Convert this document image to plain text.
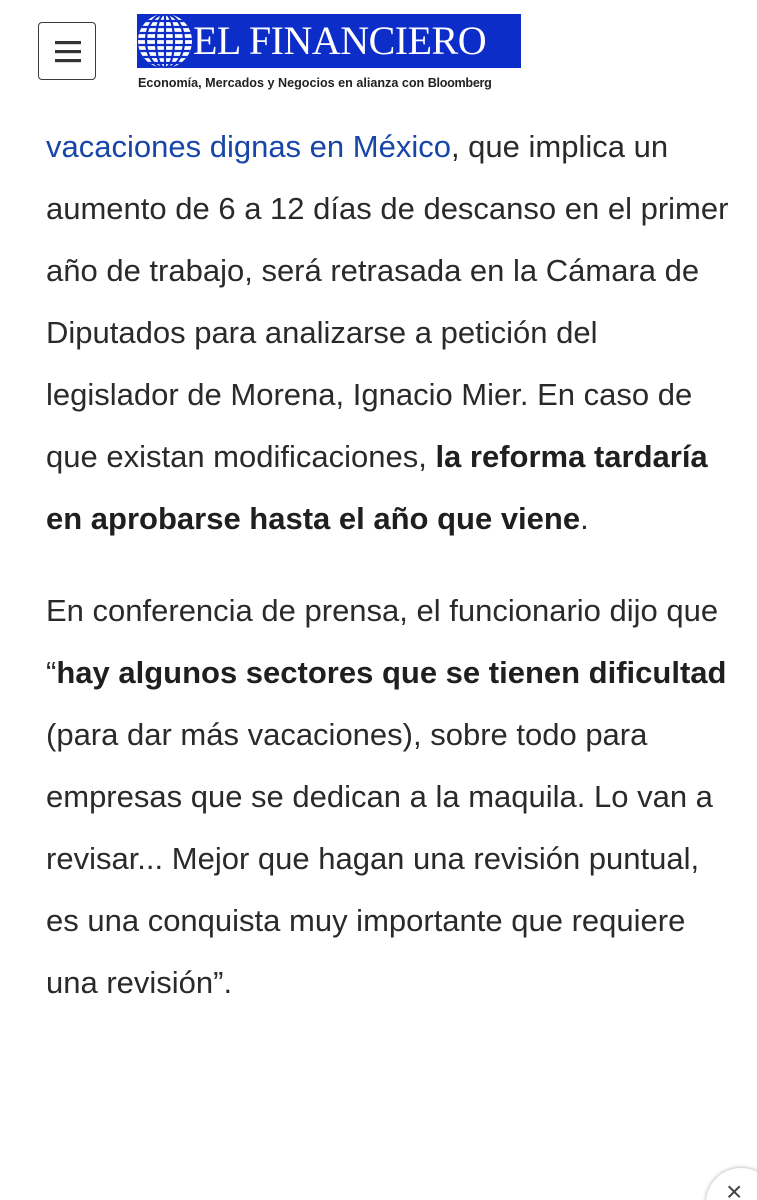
EL FINANCIERO
Economía, Mercados y Negocios en alianza con Bloomberg

vacaciones dignas en México, que implica un aumento de 6 a 12 días de descanso en el primer año de trabajo, será retrasada en la Cámara de Diputados para analizarse a petición del legislador de Morena, Ignacio Mier. En caso de que existan modificaciones, la reforma tardaría en aprobarse hasta el año que viene.

En conferencia de prensa, el funcionario dijo que “hay algunos sectores que se tienen dificultad (para dar más vacaciones), sobre todo para empresas que se dedican a la maquila. Lo van a revisar... Mejor que hagan una revisión puntual, es una conquista muy importante que requiere una revisión”.

×
